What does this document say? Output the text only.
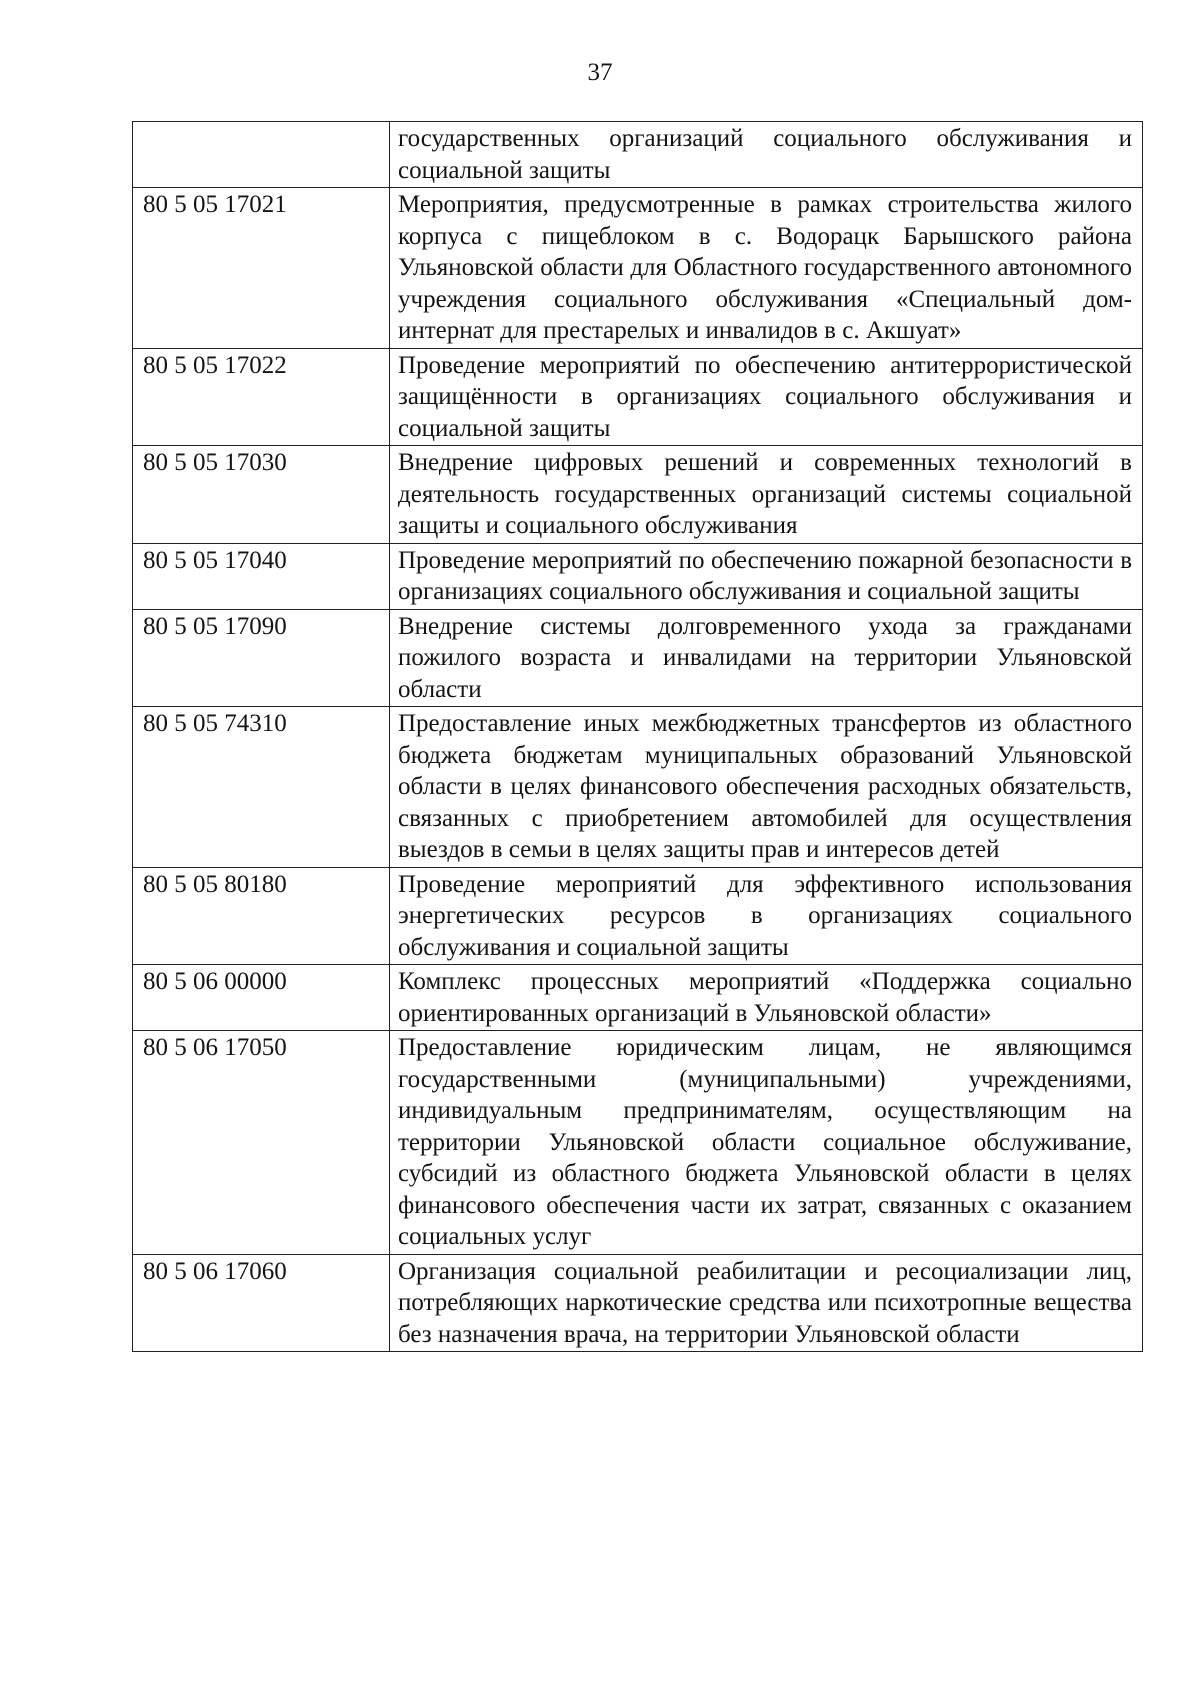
37
	государственных организаций социального обслуживания и социальной защиты
80 5 05 17021	Мероприятия, предусмотренные в рамках строительства жилого корпуса с пищеблоком в с. Водорацк Барышского района Ульяновской области для Областного государственного автономного учреждения социального обслуживания «Специальный дом-интернат для престарелых и инвалидов в с. Акшуат»
80 5 05 17022	Проведение мероприятий по обеспечению антитеррористической защищённости в организациях социального обслуживания и социальной защиты
80 5 05 17030	Внедрение цифровых решений и современных технологий в деятельность государственных организаций системы социальной защиты и социального обслуживания
80 5 05 17040	Проведение мероприятий по обеспечению пожарной безопасности в организациях социального обслуживания и социальной защиты
80 5 05 17090	Внедрение системы долговременного ухода за гражданами пожилого возраста и инвалидами на территории Ульяновской области
80 5 05 74310	Предоставление иных межбюджетных трансфертов из областного бюджета бюджетам муниципальных образований Ульяновской области в целях финансового обеспечения расходных обязательств, связанных с приобретением автомобилей для осуществления выездов в семьи в целях защиты прав и интересов детей
80 5 05 80180	Проведение мероприятий для эффективного использования энергетических ресурсов в организациях социального обслуживания и социальной защиты
80 5 06 00000	Комплекс процессных мероприятий «Поддержка социально ориентированных организаций в Ульяновской области»
80 5 06 17050	Предоставление юридическим лицам, не являющимся государственными (муниципальными) учреждениями, индивидуальным предпринимателям, осуществляющим на территории Ульяновской области социальное обслуживание, субсидий из областного бюджета Ульяновской области в целях финансового обеспечения части их затрат, связанных с оказанием социальных услуг
80 5 06 17060	Организация социальной реабилитации и ресоциализации лиц, потребляющих наркотические средства или психотропные вещества без назначения врача, на территории Ульяновской области
